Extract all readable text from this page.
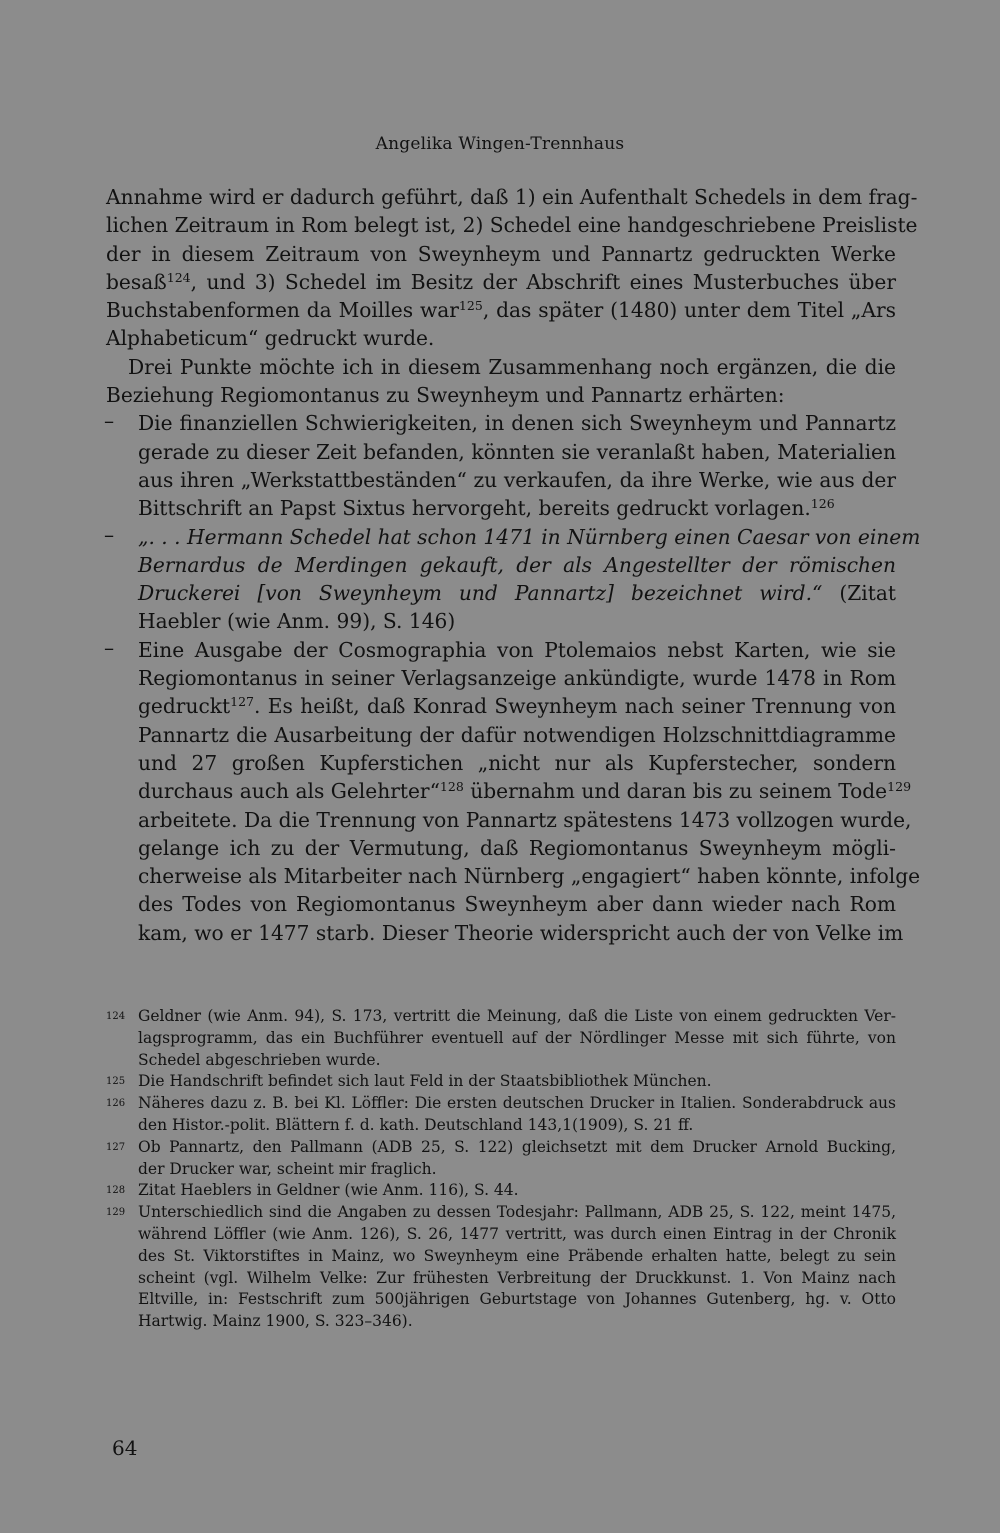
Angelika Wingen-Trennhaus
Annahme wird er dadurch geführt, daß 1) ein Aufenthalt Schedels in dem frag-
lichen Zeitraum in Rom belegt ist, 2) Schedel eine handgeschriebene Preisliste
der in diesem Zeitraum von Sweynheym und Pannartz gedruckten Werke
besaß$^{124}$, und 3) Schedel im Besitz der Abschrift eines Musterbuches über
Buchstabenformen da Moilles war$^{125}$, das später (1480) unter dem Titel „Ars
Alphabeticum“ gedruckt wurde.
Drei Punkte möchte ich in diesem Zusammenhang noch ergänzen, die die
Beziehung Regiomontanus zu Sweynheym und Pannartz erhärten:
–	Die finanziellen Schwierigkeiten, in denen sich Sweynheym und Pannartz
gerade zu dieser Zeit befanden, könnten sie veranlaßt haben, Materialien
aus ihren „Werkstattbeständen“ zu verkaufen, da ihre Werke, wie aus der
Bittschrift an Papst Sixtus hervorgeht, bereits gedruckt vorlagen.$^{126}$
–	„. . . Hermann Schedel hat schon 1471 in Nürnberg einen Caesar von einem
Bernardus de Merdingen gekauft, der als Angestellter der römischen
Druckerei [von Sweynheym und Pannartz] bezeichnet wird.“ (Zitat
Haebler (wie Anm. 99), S. 146)
–	Eine Ausgabe der Cosmographia von Ptolemaios nebst Karten, wie sie
Regiomontanus in seiner Verlagsanzeige ankündigte, wurde 1478 in Rom
gedruckt$^{127}$. Es heißt, daß Konrad Sweynheym nach seiner Trennung von
Pannartz die Ausarbeitung der dafür notwendigen Holzschnittdiagramme
und 27 großen Kupferstichen „nicht nur als Kupferstecher, sondern
durchaus auch als Gelehrter“$^{128}$ übernahm und daran bis zu seinem Tode$^{129}$
arbeitete. Da die Trennung von Pannartz spätestens 1473 vollzogen wurde,
gelange ich zu der Vermutung, daß Regiomontanus Sweynheym mögli-
cherweise als Mitarbeiter nach Nürnberg „engagiert“ haben könnte, infolge
des Todes von Regiomontanus Sweynheym aber dann wieder nach Rom
kam, wo er 1477 starb. Dieser Theorie widerspricht auch der von Velke im
124 Geldner (wie Anm. 94), S. 173, vertritt die Meinung, daß die Liste von einem gedruckten Ver-
lagsprogramm, das ein Buchführer eventuell auf der Nördlinger Messe mit sich führte, von
Schedel abgeschrieben wurde.
125 Die Handschrift befindet sich laut Feld in der Staatsbibliothek München.
126 Näheres dazu z. B. bei Kl. Löffler: Die ersten deutschen Drucker in Italien. Sonderabdruck aus
den Histor.-polit. Blättern f. d. kath. Deutschland 143,1(1909), S. 21 ff.
127 Ob Pannartz, den Pallmann (ADB 25, S. 122) gleichsetzt mit dem Drucker Arnold Bucking,
der Drucker war, scheint mir fraglich.
128 Zitat Haeblers in Geldner (wie Anm. 116), S. 44.
129 Unterschiedlich sind die Angaben zu dessen Todesjahr: Pallmann, ADB 25, S. 122, meint 1475,
während Löffler (wie Anm. 126), S. 26, 1477 vertritt, was durch einen Eintrag in der Chronik
des St. Viktorstiftes in Mainz, wo Sweynheym eine Präbende erhalten hatte, belegt zu sein
scheint (vgl. Wilhelm Velke: Zur frühesten Verbreitung der Druckkunst. 1. Von Mainz nach
Eltville, in: Festschrift zum 500jährigen Geburtstage von Johannes Gutenberg, hg. v. Otto
Hartwig. Mainz 1900, S. 323–346).
64
